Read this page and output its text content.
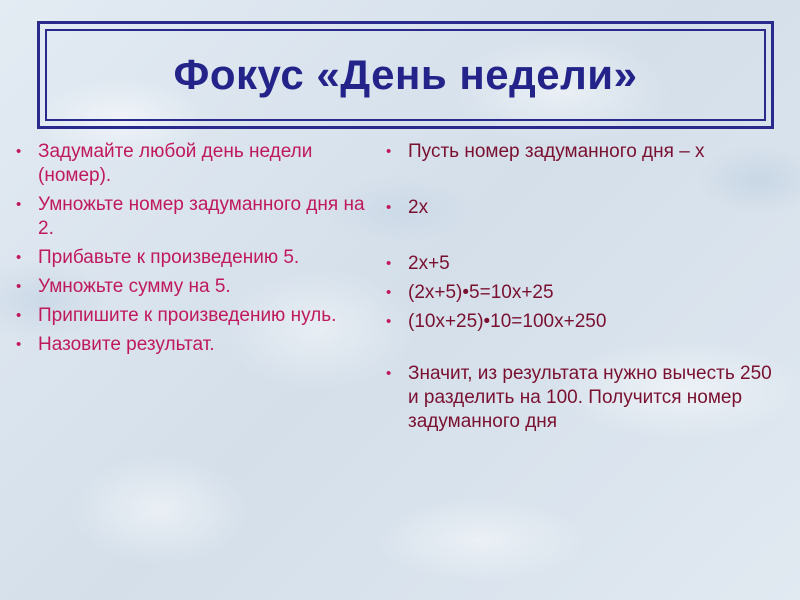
Фокус «День недели»
• Задумайте любой день недели (номер).
• Умножьте номер задуманного дня на 2.
• Прибавьте к произведению 5.
• Умножьте сумму на 5.
• Припишите к произведению нуль.
• Назовите результат.
• Пусть номер задуманного дня – х
• 2х
• 2х+5
• (2х+5)•5=10х+25
• (10х+25)•10=100х+250
• Значит, из результата нужно вычесть 250 и разделить на 100. Получится номер задуманного дня
